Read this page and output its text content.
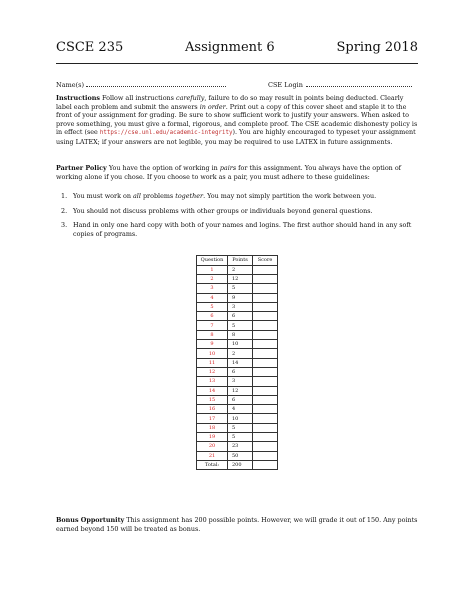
CSCE 235	Assignment 6	Spring 2018
Name(s)	CSE Login

Instructions Follow all instructions carefully, failure to do so may result in points being deducted. Clearly label each problem and submit the answers in order. Print out a copy of this cover sheet and staple it to the front of your assignment for grading. Be sure to show sufficient work to justify your answers. When asked to prove something, you must give a formal, rigorous, and complete proof. The CSE academic dishonesty policy is in effect (see https://cse.unl.edu/academic-integrity). You are highly encouraged to typeset your assignment using LATEX; if your answers are not legible, you may be required to use LATEX in future assignments.

Partner Policy You have the option of working in pairs for this assignment. You always have the option of working alone if you chose. If you choose to work as a pair, you must adhere to these guidelines:

1. You must work on all problems together. You may not simply partition the work between you.
2. You should not discuss problems with other groups or individuals beyond general questions.
3. Hand in only one hard copy with both of your names and logins. The first author should hand in any soft copies of programs.
Question	Points	Score
1	2	
2	12	
3	5	
4	9	
5	3	
6	6	
7	5	
8	8	
9	10	
10	2	
11	14	
12	6	
13	3	
14	12	
15	6	
16	4	
17	10	
18	5	
19	5	
20	23	
21	50	
Total:	200	

Bonus Opportunity This assignment has 200 possible points. However, we will grade it out of 150. Any points earned beyond 150 will be treated as bonus.
